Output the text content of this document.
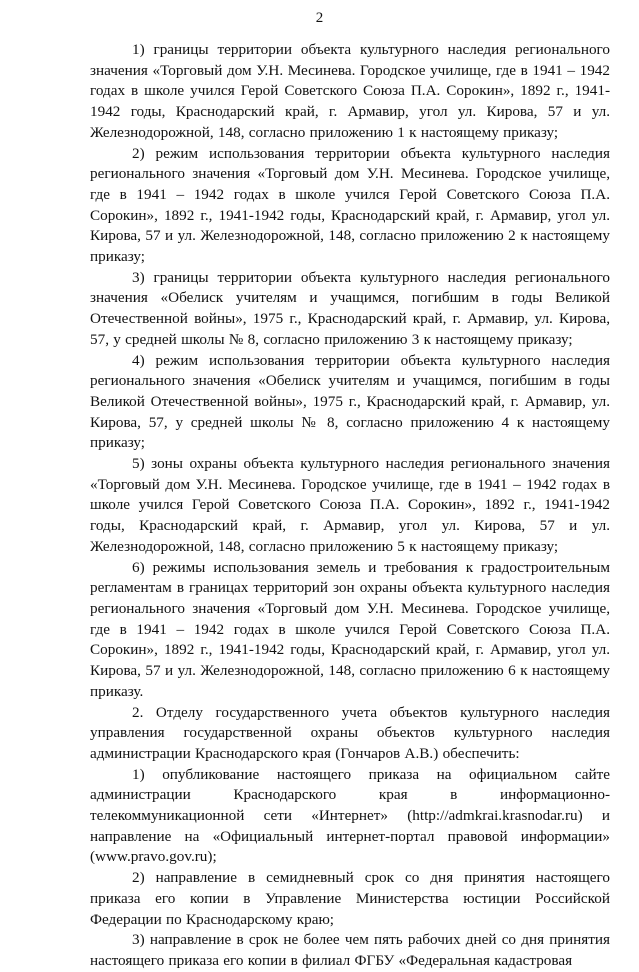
2

1) границы территории объекта культурного наследия регионального значения «Торговый дом У.Н. Месинева. Городское училище, где в 1941 – 1942 годах в школе учился Герой Советского Союза П.А. Сорокин», 1892 г., 1941-1942 годы, Краснодарский край, г. Армавир, угол ул. Кирова, 57 и ул. Железнодорожной, 148, согласно приложению 1 к настоящему приказу;

2) режим использования территории объекта культурного наследия регионального значения «Торговый дом У.Н. Месинева. Городское училище, где в 1941 – 1942 годах в школе учился Герой Советского Союза П.А. Сорокин», 1892 г., 1941-1942 годы, Краснодарский край, г. Армавир, угол ул. Кирова, 57 и ул. Железнодорожной, 148, согласно приложению 2 к настоящему приказу;

3) границы территории объекта культурного наследия регионального значения «Обелиск учителям и учащимся, погибшим в годы Великой Отечественной войны», 1975 г., Краснодарский край, г. Армавир, ул. Кирова, 57, у средней школы № 8, согласно приложению 3 к настоящему приказу;

4) режим использования территории объекта культурного наследия регионального значения «Обелиск учителям и учащимся, погибшим в годы Великой Отечественной войны», 1975 г., Краснодарский край, г. Армавир, ул. Кирова, 57, у средней школы № 8, согласно приложению 4 к настоящему приказу;

5) зоны охраны объекта культурного наследия регионального значения «Торговый дом У.Н. Месинева. Городское училище, где в 1941 – 1942 годах в школе учился Герой Советского Союза П.А. Сорокин», 1892 г., 1941-1942 годы, Краснодарский край, г. Армавир, угол ул. Кирова, 57 и ул. Железнодорожной, 148, согласно приложению 5 к настоящему приказу;

6) режимы использования земель и требования к градостроительным регламентам в границах территорий зон охраны объекта культурного наследия регионального значения «Торговый дом У.Н. Месинева. Городское училище, где в 1941 – 1942 годах в школе учился Герой Советского Союза П.А. Сорокин», 1892 г., 1941-1942 годы, Краснодарский край, г. Армавир, угол ул. Кирова, 57 и ул. Железнодорожной, 148, согласно приложению 6 к настоящему приказу.

2. Отделу государственного учета объектов культурного наследия управления государственной охраны объектов культурного наследия администрации Краснодарского края (Гончаров А.В.) обеспечить:

1) опубликование настоящего приказа на официальном сайте администрации Краснодарского края в информационно-телекоммуникационной сети «Интернет» (http://admkrai.krasnodar.ru) и направление на «Официальный интернет-портал правовой информации» (www.pravo.gov.ru);

2) направление в семидневный срок со дня принятия настоящего приказа его копии в Управление Министерства юстиции Российской Федерации по Краснодарскому краю;

3) направление в срок не более чем пять рабочих дней со дня принятия настоящего приказа его копии в филиал ФГБУ «Федеральная кадастровая
